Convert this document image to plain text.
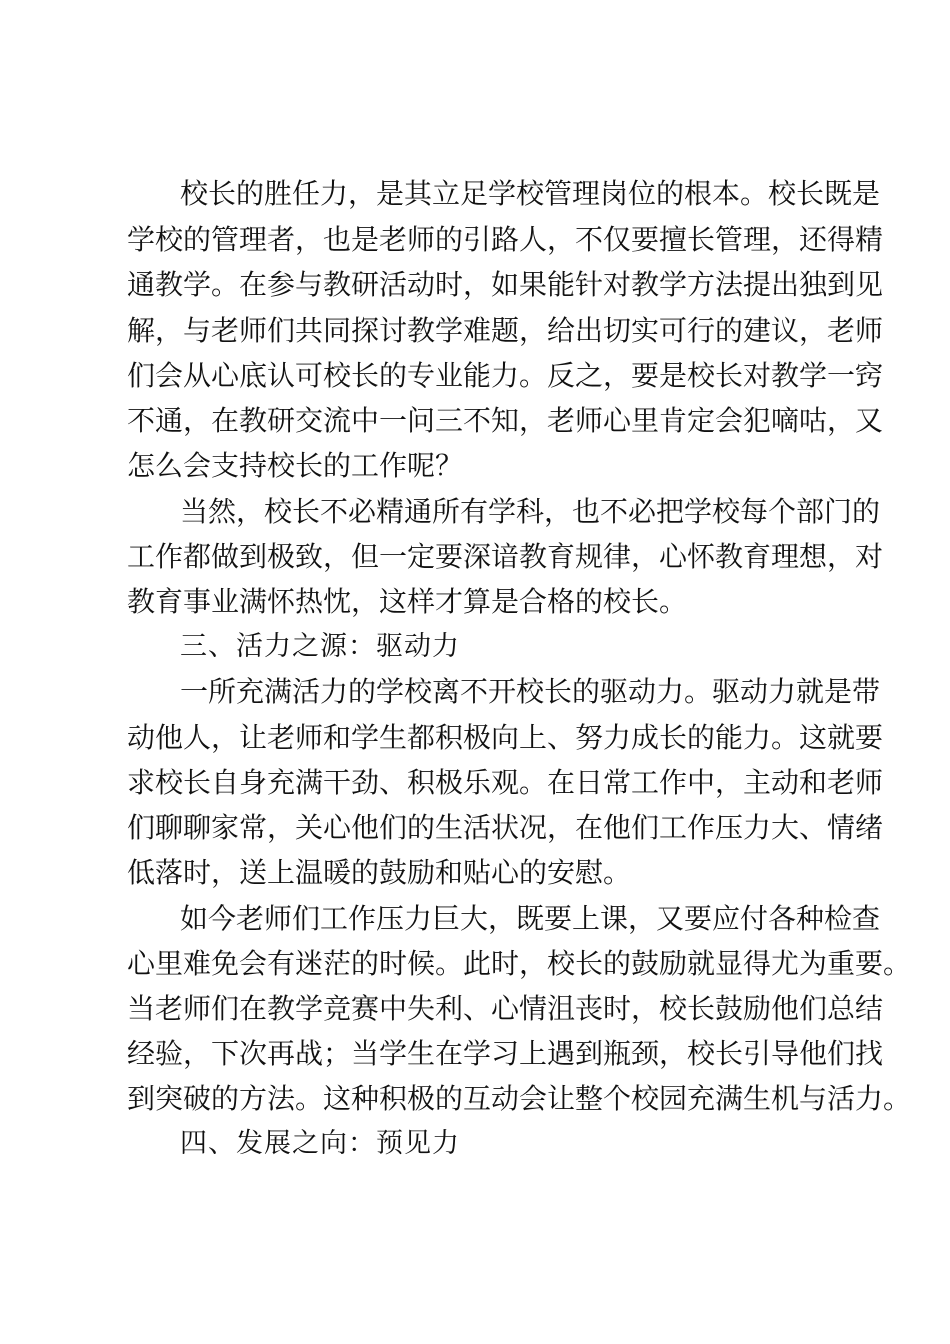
校长的胜任力，是其立足学校管理岗位的根本。校长既是
学校的管理者，也是老师的引路人，不仅要擅长管理，还得精
通教学。在参与教研活动时，如果能针对教学方法提出独到见
解，与老师们共同探讨教学难题，给出切实可行的建议，老师
们会从心底认可校长的专业能力。反之，要是校长对教学一窍
不通，在教研交流中一问三不知，老师心里肯定会犯嘀咕，又
怎么会支持校长的工作呢？
当然，校长不必精通所有学科，也不必把学校每个部门的
工作都做到极致，但一定要深谙教育规律，心怀教育理想，对
教育事业满怀热忱，这样才算是合格的校长。
三、活力之源：驱动力
一所充满活力的学校离不开校长的驱动力。驱动力就是带
动他人，让老师和学生都积极向上、努力成长的能力。这就要
求校长自身充满干劲、积极乐观。在日常工作中，主动和老师
们聊聊家常，关心他们的生活状况，在他们工作压力大、情绪
低落时，送上温暖的鼓励和贴心的安慰。
如今老师们工作压力巨大，既要上课，又要应付各种检查
心里难免会有迷茫的时候。此时，校长的鼓励就显得尤为重要。
当老师们在教学竞赛中失利、心情沮丧时，校长鼓励他们总结
经验，下次再战；当学生在学习上遇到瓶颈，校长引导他们找
到突破的方法。这种积极的互动会让整个校园充满生机与活力。
四、发展之向：预见力
